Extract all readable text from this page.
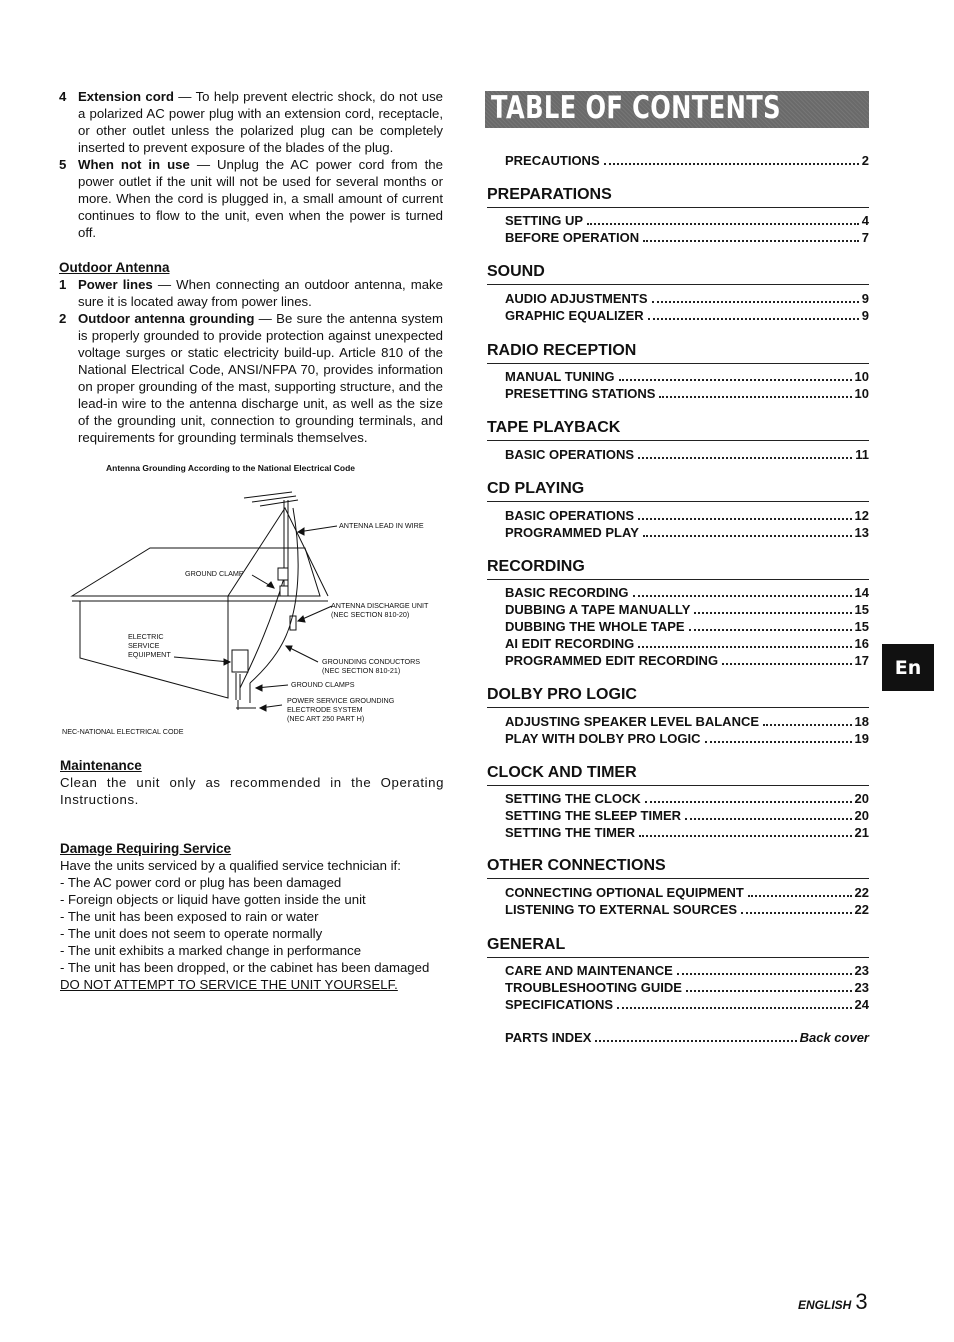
4 Extension cord — To help prevent electric shock, do not use a polarized AC power plug with an extension cord, receptacle, or other outlet unless the polarized plug can be completely inserted to prevent exposure of the blades of the plug.
5 When not in use — Unplug the AC power cord from the power outlet if the unit will not be used for several months or more. When the cord is plugged in, a small amount of current continues to flow to the unit, even when the power is turned off.
Outdoor Antenna
1 Power lines — When connecting an outdoor antenna, make sure it is located away from power lines.
2 Outdoor antenna grounding — Be sure the antenna system is properly grounded to provide protection against unexpected voltage surges or static electricity build-up. Article 810 of the National Electrical Code, ANSI/NFPA 70, provides information on proper grounding of the mast, supporting structure, and the lead-in wire to the antenna discharge unit, as well as the size of the grounding unit, connection to grounding terminals, and requirements for grounding terminals themselves.
Antenna Grounding According to the National Electrical Code
ANTENNA LEAD IN WIRE
GROUND CLAMP
ANTENNA DISCHARGE UNIT
(NEC SECTION 810-20)
ELECTRIC
SERVICE
EQUIPMENT
GROUNDING CONDUCTORS
(NEC SECTION 810-21)
GROUND CLAMPS
POWER SERVICE GROUNDING
ELECTRODE SYSTEM
(NEC ART 250 PART H)
NEC-NATIONAL ELECTRICAL CODE
Maintenance
Clean the unit only as recommended in the Operating Instructions.
Damage Requiring Service
Have the units serviced by a qualified service technician if:
- The AC power cord or plug has been damaged
- Foreign objects or liquid have gotten inside the unit
- The unit has been exposed to rain or water
- The unit does not seem to operate normally
- The unit exhibits a marked change in performance
- The unit has been dropped, or the cabinet has been damaged
DO NOT ATTEMPT TO SERVICE THE UNIT YOURSELF.
TABLE OF CONTENTS
PRECAUTIONS	2
PREPARATIONS
SETTING UP	4
BEFORE OPERATION	7
SOUND
AUDIO ADJUSTMENTS	9
GRAPHIC EQUALIZER	9
RADIO RECEPTION
MANUAL TUNING	10
PRESETTING STATIONS	10
TAPE PLAYBACK
BASIC OPERATIONS	11
CD PLAYING
BASIC OPERATIONS	12
PROGRAMMED PLAY	13
RECORDING
BASIC RECORDING	14
DUBBING A TAPE MANUALLY	15
DUBBING THE WHOLE TAPE	15
AI EDIT RECORDING	16
PROGRAMMED EDIT RECORDING	17
DOLBY PRO LOGIC
ADJUSTING SPEAKER LEVEL BALANCE	18
PLAY WITH DOLBY PRO LOGIC	19
CLOCK AND TIMER
SETTING THE CLOCK	20
SETTING THE SLEEP TIMER	20
SETTING THE TIMER	21
OTHER CONNECTIONS
CONNECTING OPTIONAL EQUIPMENT	22
LISTENING TO EXTERNAL SOURCES	22
GENERAL
CARE AND MAINTENANCE	23
TROUBLESHOOTING GUIDE	23
SPECIFICATIONS	24
PARTS INDEX	Back cover
En
ENGLISH 3
